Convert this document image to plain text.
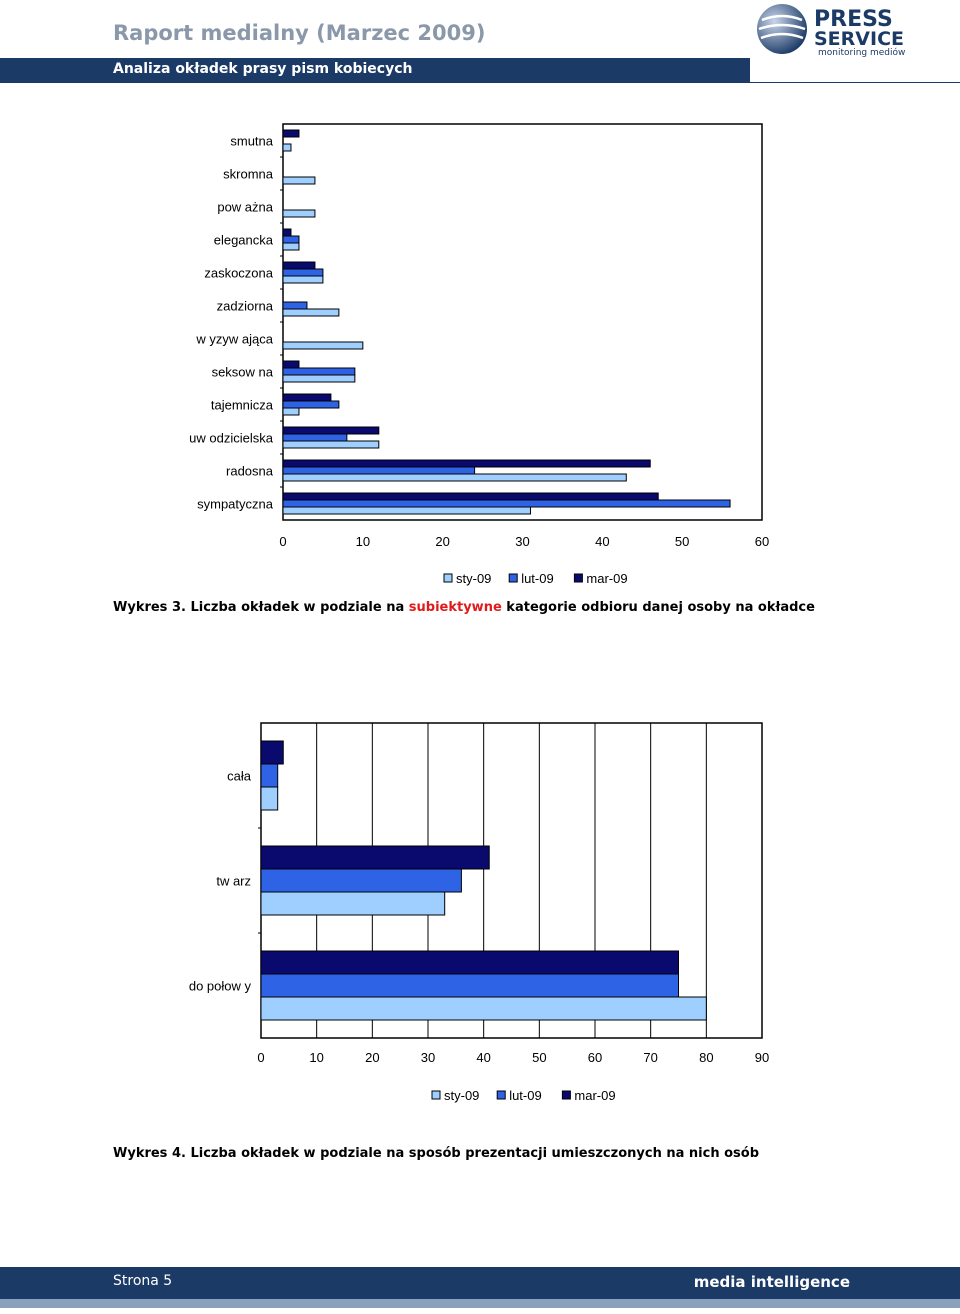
Raport medialny (Marzec 2009)
Analiza okładek prasy pism kobiecych
PRESS
SERVICE
monitoring mediów
smutna
skromna
pow ażna
elegancka
zaskoczona
zadziorna
w yzyw ająca
seksow na
tajemnicza
uw odzicielska
radosna
sympatyczna
0	10	20	30	40	50	60
sty-09 lut-09	mar-09
Wykres 3. Liczba okładek w podziale na subiektywne kategorie odbioru danej osoby na okładce
cała
tw arz
do połow y
0	10	20	30	40	50	60	70	80	90
sty-09 lut-09	mar-09
Wykres 4. Liczba okładek w podziale na sposób prezentacji umieszczonych na nich osób
Strona 5	media intelligence
